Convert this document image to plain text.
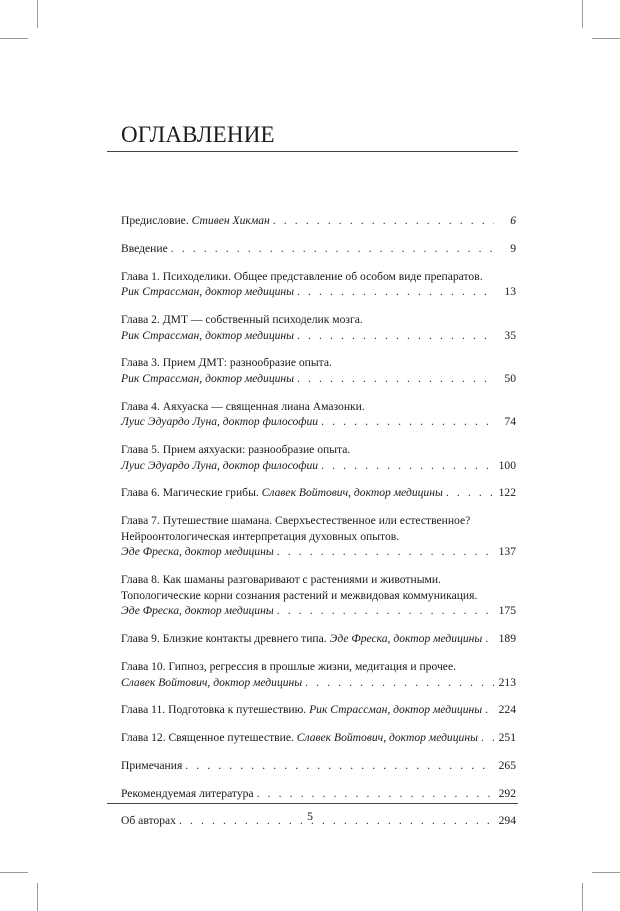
ОГЛАВЛЕНИЕ
Предисловие. Стивен Хикман . . .	6
Введение . . .	9
Глава 1. Психоделики. Общее представление об особом виде препаратов.
Рик Страссман, доктор медицины . . .	13
Глава 2. ДМТ — собственный психоделик мозга.
Рик Страссман, доктор медицины . . .	35
Глава 3. Прием ДМТ: разнообразие опыта.
Рик Страссман, доктор медицины . . .	50
Глава 4. Аяхуаска — священная лиана Амазонки.
Луис Эдуардо Луна, доктор философии . . .	74
Глава 5. Прием аяхуаски: разнообразие опыта.
Луис Эдуардо Луна, доктор философии . . .	100
Глава 6. Магические грибы. Славек Войтович, доктор медицины . . .	122
Глава 7. Путешествие шамана. Сверхъестественное или естественное?
Нейроонтологическая интерпретация духовных опытов.
Эде Фреска, доктор медицины . . .	137
Глава 8. Как шаманы разговаривают с растениями и животными.
Топологические корни сознания растений и межвидовая коммуникация.
Эде Фреска, доктор медицины . . .	175
Глава 9. Близкие контакты древнего типа. Эде Фреска, доктор медицины . . . 189
Глава 10. Гипноз, регрессия в прошлые жизни, медитация и прочее.
Славек Войтович, доктор медицины . . .	213
Глава 11. Подготовка к путешествию. Рик Страссман, доктор медицины . . . 224
Глава 12. Священное путешествие. Славек Войтович, доктор медицины . . . 251
Примечания . . .	265
Рекомендуемая литература . . .	292
Об авторах . . .	294
5
